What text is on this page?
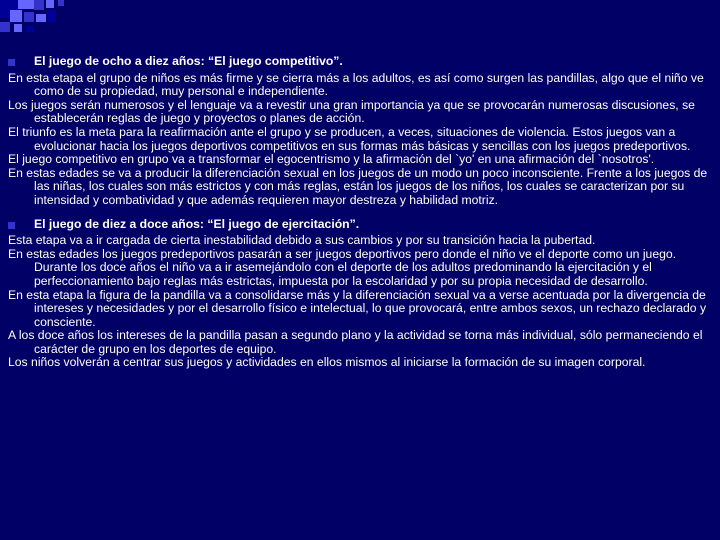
El juego de ocho a diez años: “El juego competitivo”.

En esta etapa el grupo de niños es más firme y se cierra más a los adultos, es así como surgen las pandillas, algo que el niño ve como de su propiedad, muy personal e independiente.

Los juegos serán numerosos y el lenguaje va a revestir una gran importancia ya que se provocarán numerosas discusiones, se establecerán reglas de juego y proyectos o planes de acción.

El triunfo es la meta para la reafirmación ante el grupo y se producen, a veces, situaciones de violencia. Estos juegos van a evolucionar hacia los juegos deportivos competitivos en sus formas más básicas y sencillas con los juegos predeportivos.

El juego competitivo en grupo va a transformar el egocentrismo y la afirmación del `yo' en una afirmación del `nosotros'.

En estas edades se va a producir la diferenciación sexual en los juegos de un modo un poco inconsciente. Frente a los juegos de las niñas, los cuales son más estrictos y con más reglas, están los juegos de los niños, los cuales se caracterizan por su intensidad y combatividad y que además requieren mayor destreza y habilidad motriz.

El juego de diez a doce años: “El juego de ejercitación”.

Esta etapa va a ir cargada de cierta inestabilidad debido a sus cambios y por su transición hacia la pubertad.

En estas edades los juegos predeportivos pasarán a ser juegos deportivos pero donde el niño ve el deporte como un juego. Durante los doce años el niño va a ir asemejándolo con el deporte de los adultos predominando la ejercitación y el perfeccionamiento bajo reglas más estrictas, impuesta por la escolaridad y por su propia necesidad de desarrollo.

En esta etapa la figura de la pandilla va a consolidarse más y la diferenciación sexual va a verse acentuada por la divergencia de intereses y necesidades y por el desarrollo físico e intelectual, lo que provocará, entre ambos sexos, un rechazo declarado y consciente.

A los doce años los intereses de la pandilla pasan a segundo plano y la actividad se torna más individual, sólo permaneciendo el carácter de grupo en los deportes de equipo.

Los niños volverán a centrar sus juegos y actividades en ellos mismos al iniciarse la formación de su imagen corporal.
